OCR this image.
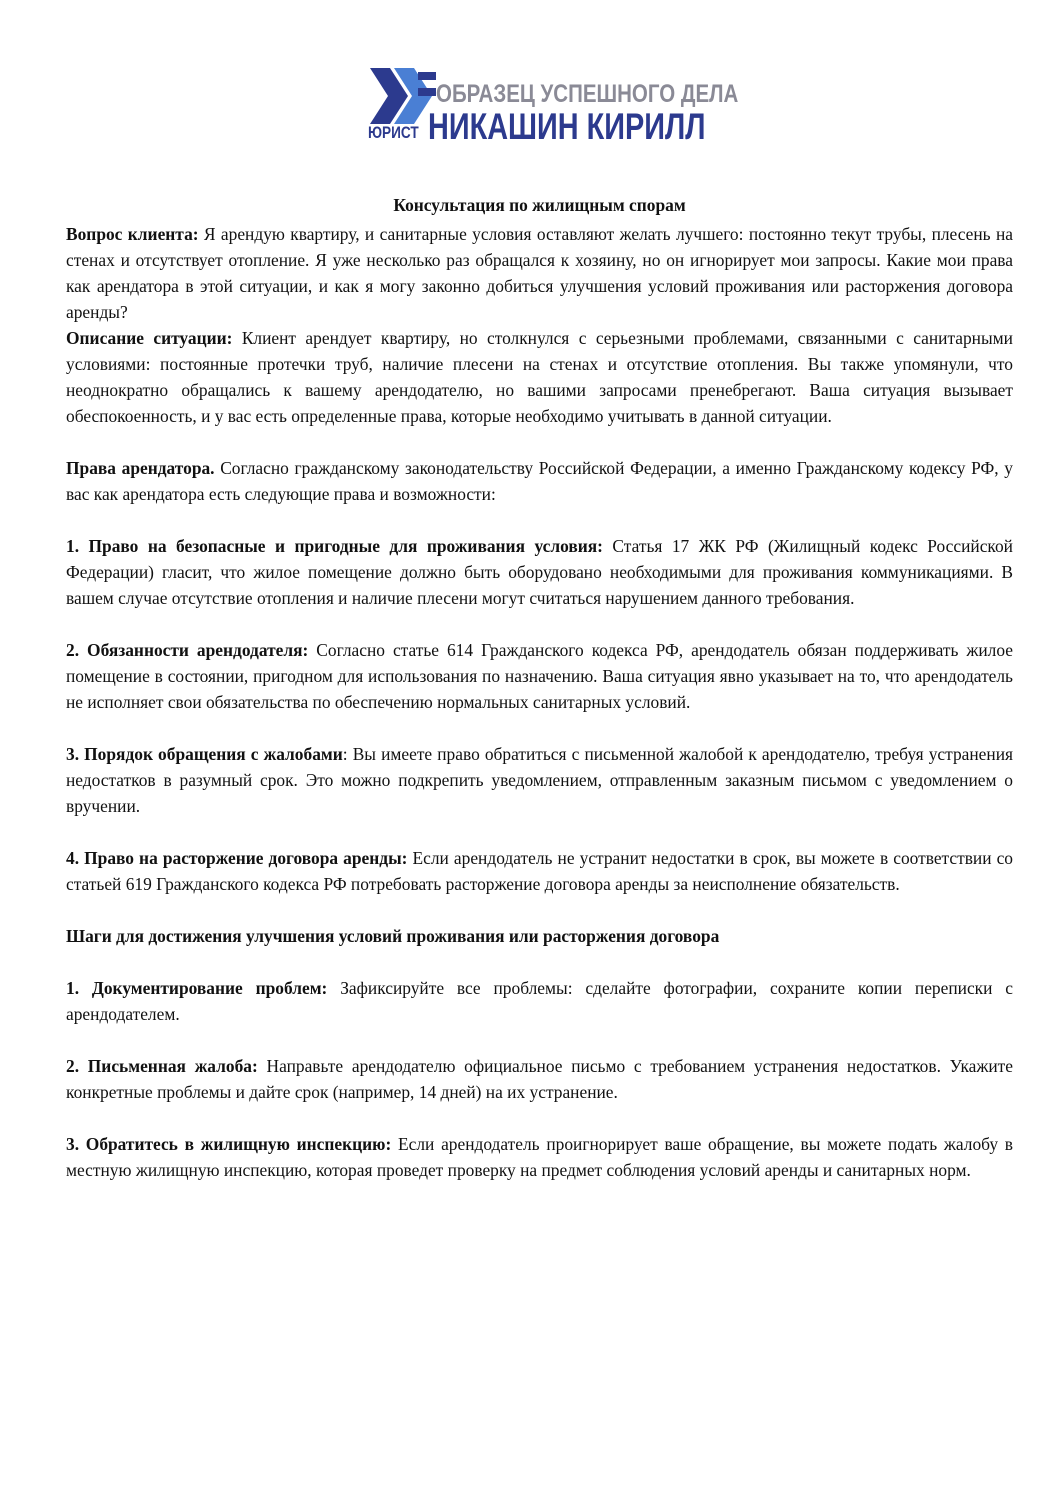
ОБРАЗЕЦ УСПЕШНОГО ДЕЛА
ЮРИСТ НИКАШИН КИРИЛЛ
Консультация по жилищным спорам

Вопрос клиента: Я арендую квартиру, и санитарные условия оставляют желать лучшего: постоянно текут трубы, плесень на стенах и отсутствует отопление. Я уже несколько раз обращался к хозяину, но он игнорирует мои запросы. Какие мои права как арендатора в этой ситуации, и как я могу законно добиться улучшения условий проживания или расторжения договора аренды?

Описание ситуации: Клиент арендует квартиру, но столкнулся с серьезными проблемами, связанными с санитарными условиями: постоянные протечки труб, наличие плесени на стенах и отсутствие отопления. Вы также упомянули, что неоднократно обращались к вашему арендодателю, но вашими запросами пренебрегают. Ваша ситуация вызывает обеспокоенность, и у вас есть определенные права, которые необходимо учитывать в данной ситуации.

Права арендатора. Согласно гражданскому законодательству Российской Федерации, а именно Гражданскому кодексу РФ, у вас как арендатора есть следующие права и возможности:

1. Право на безопасные и пригодные для проживания условия: Статья 17 ЖК РФ (Жилищный кодекс Российской Федерации) гласит, что жилое помещение должно быть оборудовано необходимыми для проживания коммуникациями. В вашем случае отсутствие отопления и наличие плесени могут считаться нарушением данного требования.

2. Обязанности арендодателя: Согласно статье 614 Гражданского кодекса РФ, арендодатель обязан поддерживать жилое помещение в состоянии, пригодном для использования по назначению. Ваша ситуация явно указывает на то, что арендодатель не исполняет свои обязательства по обеспечению нормальных санитарных условий.

3. Порядок обращения с жалобами: Вы имеете право обратиться с письменной жалобой к арендодателю, требуя устранения недостатков в разумный срок. Это можно подкрепить уведомлением, отправленным заказным письмом с уведомлением о вручении.

4. Право на расторжение договора аренды: Если арендодатель не устранит недостатки в срок, вы можете в соответствии со статьей 619 Гражданского кодекса РФ потребовать расторжение договора аренды за неисполнение обязательств.

Шаги для достижения улучшения условий проживания или расторжения договора

1. Документирование проблем: Зафиксируйте все проблемы: сделайте фотографии, сохраните копии переписки с арендодателем.

2. Письменная жалоба: Направьте арендодателю официальное письмо с требованием устранения недостатков. Укажите конкретные проблемы и дайте срок (например, 14 дней) на их устранение.

3. Обратитесь в жилищную инспекцию: Если арендодатель проигнорирует ваше обращение, вы можете подать жалобу в местную жилищную инспекцию, которая проведет проверку на предмет соблюдения условий аренды и санитарных норм.
